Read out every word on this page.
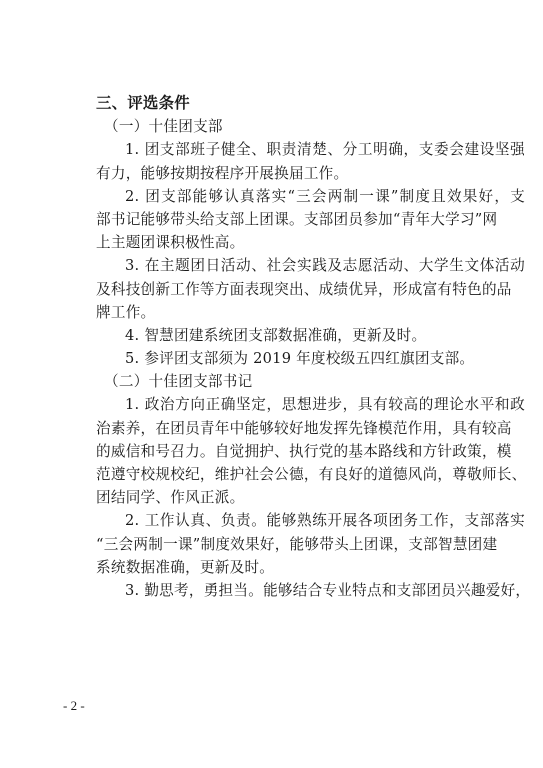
三、评选条件
（一）十佳团支部
1. 团支部班子健全、职责清楚、分工明确，支委会建设坚强
有力，能够按期按程序开展换届工作。
2. 团支部能够认真落实“三会两制一课”制度且效果好，支
部书记能够带头给支部上团课。支部团员参加“青年大学习”网
上主题团课积极性高。
3. 在主题团日活动、社会实践及志愿活动、大学生文体活动
及科技创新工作等方面表现突出、成绩优异，形成富有特色的品
牌工作。
4. 智慧团建系统团支部数据准确，更新及时。
5. 参评团支部须为 2019 年度校级五四红旗团支部。
（二）十佳团支部书记
1. 政治方向正确坚定，思想进步，具有较高的理论水平和政
治素养，在团员青年中能够较好地发挥先锋模范作用，具有较高
的威信和号召力。自觉拥护、执行党的基本路线和方针政策，模
范遵守校规校纪，维护社会公德，有良好的道德风尚，尊敬师长、
团结同学、作风正派。
2. 工作认真、负责。能够熟练开展各项团务工作，支部落实
“三会两制一课”制度效果好，能够带头上团课，支部智慧团建
系统数据准确，更新及时。
3. 勤思考，勇担当。能够结合专业特点和支部团员兴趣爱好，
- 2 -
